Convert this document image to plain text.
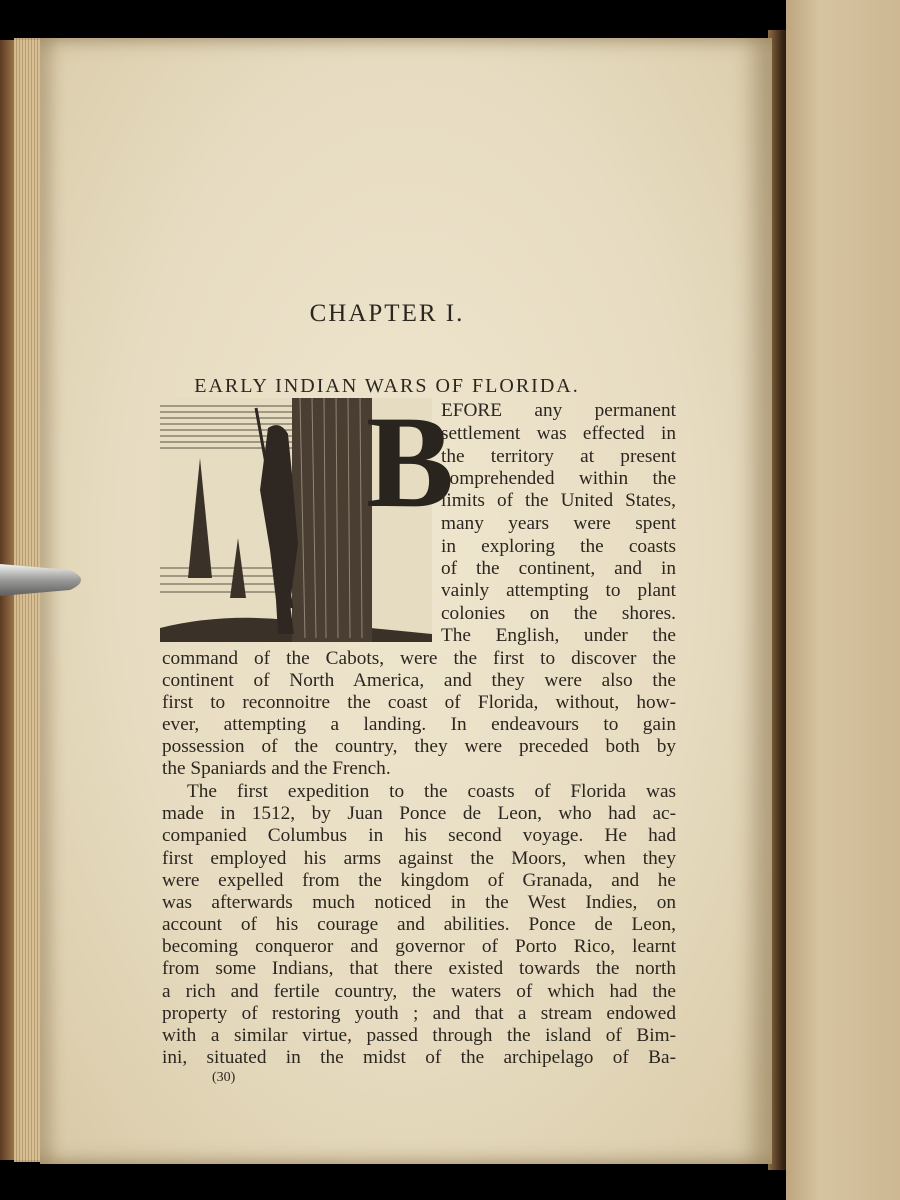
CHAPTER I.
EARLY INDIAN WARS OF FLORIDA.
B
EFORE any permanent
settlement was effected in
the territory at present
comprehended within the
limits of the United States,
many years were spent
in exploring the coasts
of the continent, and in
vainly attempting to plant
colonies on the shores.
The English, under the
command of the Cabots, were the first to discover the
continent of North America, and they were also the
first to reconnoitre the coast of Florida, without, how-
ever, attempting a landing. In endeavours to gain
possession of the country, they were preceded both by
the Spaniards and the French.
The first expedition to the coasts of Florida was
made in 1512, by Juan Ponce de Leon, who had ac-
companied Columbus in his second voyage. He had
first employed his arms against the Moors, when they
were expelled from the kingdom of Granada, and he
was afterwards much noticed in the West Indies, on
account of his courage and abilities. Ponce de Leon,
becoming conqueror and governor of Porto Rico, learnt
from some Indians, that there existed towards the north
a rich and fertile country, the waters of which had the
property of restoring youth ; and that a stream endowed
with a similar virtue, passed through the island of Bim-
ini, situated in the midst of the archipelago of Ba-
(30)
